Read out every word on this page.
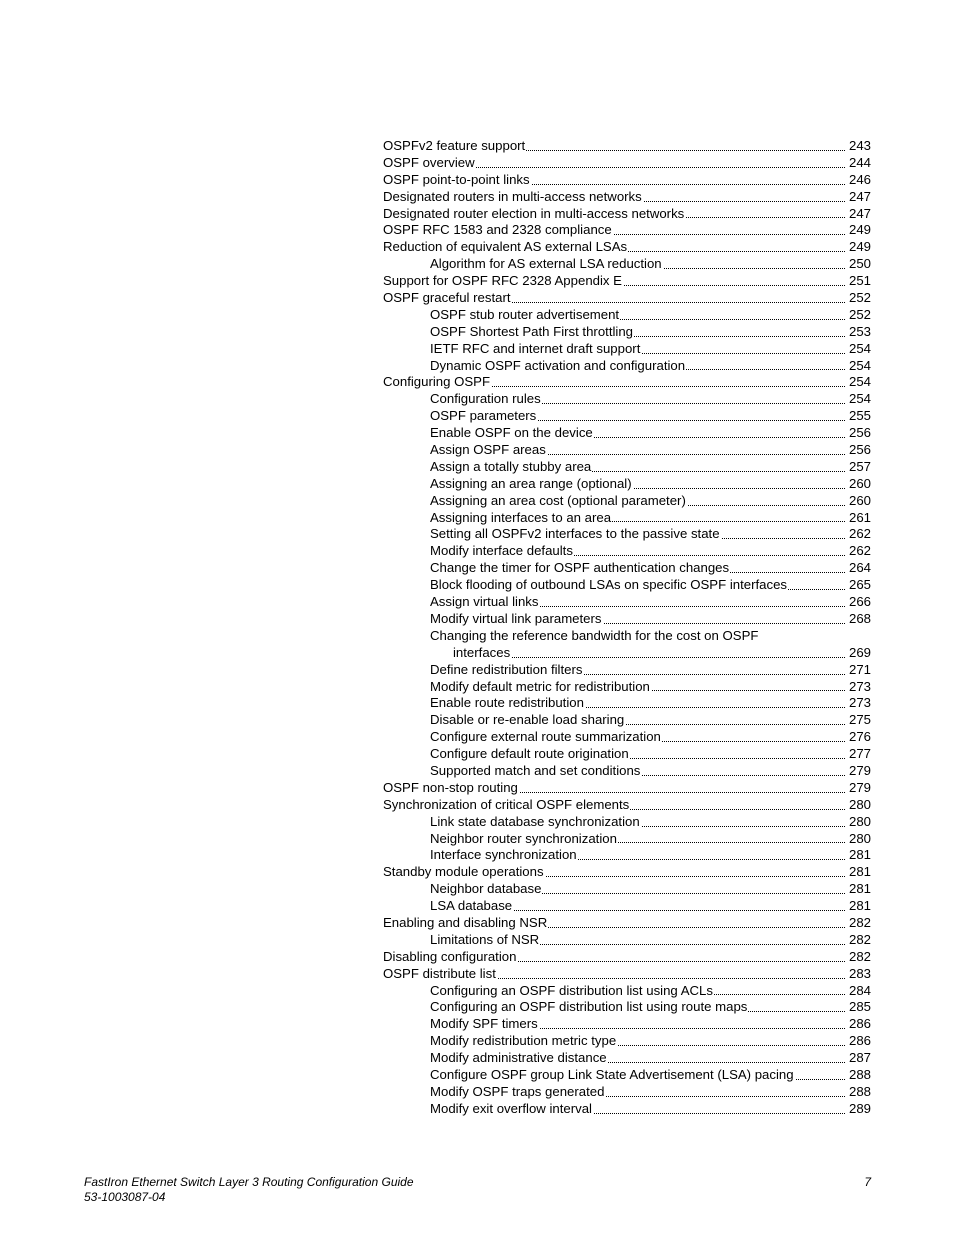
OSPFv2 feature support	243
OSPF overview	244
OSPF point-to-point links	246
Designated routers in multi-access networks	247
Designated router election in multi-access networks	247
OSPF RFC 1583 and 2328 compliance	249
Reduction of equivalent AS external LSAs	249
Algorithm for AS external LSA reduction	250
Support for OSPF RFC 2328 Appendix E	251
OSPF graceful restart	252
OSPF stub router advertisement	252
OSPF Shortest Path First throttling	253
IETF RFC and internet draft support	254
Dynamic OSPF activation and configuration	254
Configuring OSPF	254
Configuration rules	254
OSPF parameters	255
Enable OSPF on the device	256
Assign OSPF areas	256
Assign a totally stubby area	257
Assigning an area range (optional)	260
Assigning an area cost (optional parameter)	260
Assigning interfaces to an area	261
Setting all OSPFv2 interfaces to the passive state	262
Modify interface defaults	262
Change the timer for OSPF authentication changes	264
Block flooding of outbound LSAs on specific OSPF interfaces	265
Assign virtual links	266
Modify virtual link parameters	268
Changing the reference bandwidth for the cost on OSPF
interfaces	269
Define redistribution filters	271
Modify default metric for redistribution	273
Enable route redistribution	273
Disable or re-enable load sharing	275
Configure external route summarization	276
Configure default route origination	277
Supported match and set conditions	279
OSPF non-stop routing	279
Synchronization of critical OSPF elements	280
Link state database synchronization	280
Neighbor router synchronization	280
Interface synchronization	281
Standby module operations	281
Neighbor database	281
LSA database	281
Enabling and disabling NSR	282
Limitations of NSR	282
Disabling configuration	282
OSPF distribute list	283
Configuring an OSPF distribution list using ACLs	284
Configuring an OSPF distribution list using route maps	285
Modify SPF timers	286
Modify redistribution metric type	286
Modify administrative distance	287
Configure OSPF group Link State Advertisement (LSA) pacing	288
Modify OSPF traps generated	288
Modify exit overflow interval	289
FastIron Ethernet Switch Layer 3 Routing Configuration Guide
53-1003087-04
7
